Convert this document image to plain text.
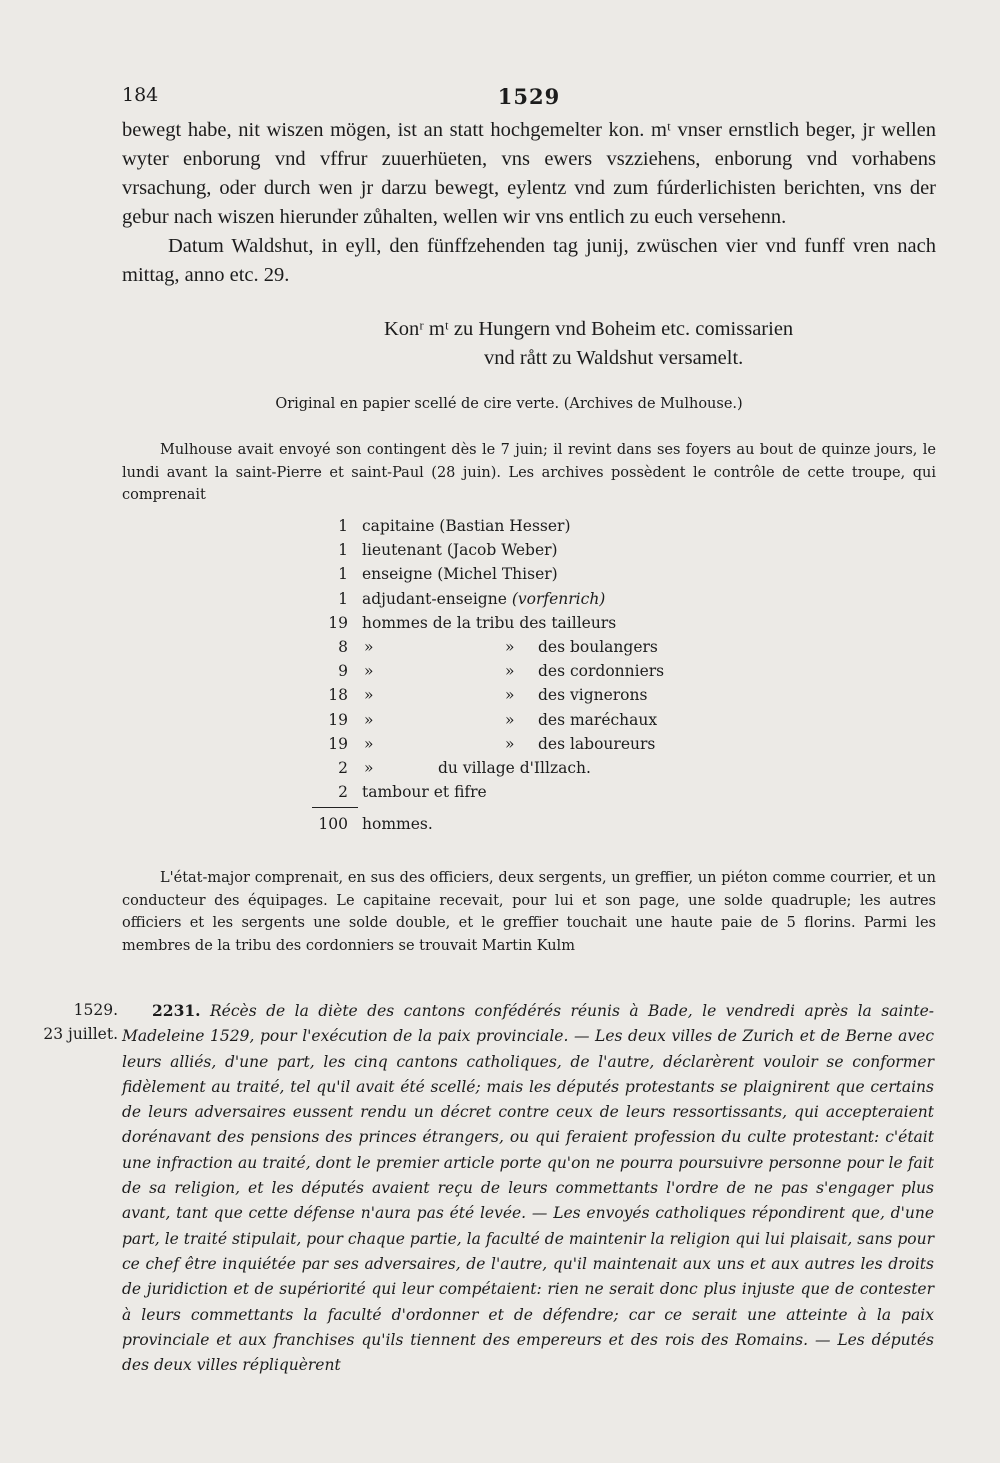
184	1529

bewegt habe, nit wiszen mögen, ist an statt hochgemelter kon. mᵗ vnser ernstlich beger, jr wellen wyter enborung vnd vffrur zuuerhüeten, vns ewers vszziehens, enborung vnd vorhabens vrsachung, oder durch wen jr darzu bewegt, eylentz vnd zum fúrderlichisten berichten, vns der gebur nach wiszen hierunder zůhalten, wellen wir vns entlich zu euch versehenn.

Datum Waldshut, in eyll, den fünffzehenden tag junij, zwüschen vier vnd funff vren nach mittag, anno etc. 29.

Konʳ mᵗ zu Hungern vnd Boheim etc. comissarien
vnd rått zu Waldshut versamelt.
Original en papier scellé de cire verte. (Archives de Mulhouse.)

Mulhouse avait envoyé son contingent dès le 7 juin; il revint dans ses foyers au bout de quinze jours, le lundi avant la saint-Pierre et saint-Paul (28 juin). Les archives possèdent le contrôle de cette troupe, qui comprenait

1 capitaine (Bastian Hesser)
1 lieutenant (Jacob Weber)
1 enseigne (Michel Thiser)
1 adjudant-enseigne (vorfenrich)
19 hommes de la tribu des tailleurs
8 »	» des boulangers
9 »	» des cordonniers
18 »	» des vignerons
19 »	» des maréchaux
19 »	» des laboureurs
2 »	du village d'Illzach.
2 tambour et fifre
100 hommes.

L'état-major comprenait, en sus des officiers, deux sergents, un greffier, un piéton comme courrier, et un conducteur des équipages. Le capitaine recevait, pour lui et son page, une solde quadruple; les autres officiers et les sergents une solde double, et le greffier touchait une haute paie de 5 florins. Parmi les membres de la tribu des cordonniers se trouvait Martin Kulm

1529.
23 juillet.
2231. Récès de la diète des cantons confédérés réunis à Bade, le vendredi après la sainte-Madeleine 1529, pour l'exécution de la paix provinciale. — Les deux villes de Zurich et de Berne avec leurs alliés, d'une part, les cinq cantons catholiques, de l'autre, déclarèrent vouloir se conformer fidèlement au traité, tel qu'il avait été scellé; mais les députés protestants se plaignirent que certains de leurs adversaires eussent rendu un décret contre ceux de leurs ressortissants, qui accepteraient dorénavant des pensions des princes étrangers, ou qui feraient profession du culte protestant: c'était une infraction au traité, dont le premier article porte qu'on ne pourra poursuivre personne pour le fait de sa religion, et les députés avaient reçu de leurs commettants l'ordre de ne pas s'engager plus avant, tant que cette défense n'aura pas été levée. — Les envoyés catholiques répondirent que, d'une part, le traité stipulait, pour chaque partie, la faculté de maintenir la religion qui lui plaisait, sans pour ce chef être inquiétée par ses adversaires, de l'autre, qu'il maintenait aux uns et aux autres les droits de juridiction et de supériorité qui leur compétaient: rien ne serait donc plus injuste que de contester à leurs commettants la faculté d'ordonner et de défendre; car ce serait une atteinte à la paix provinciale et aux franchises qu'ils tiennent des empereurs et des rois des Romains. — Les députés des deux villes répliquèrent
